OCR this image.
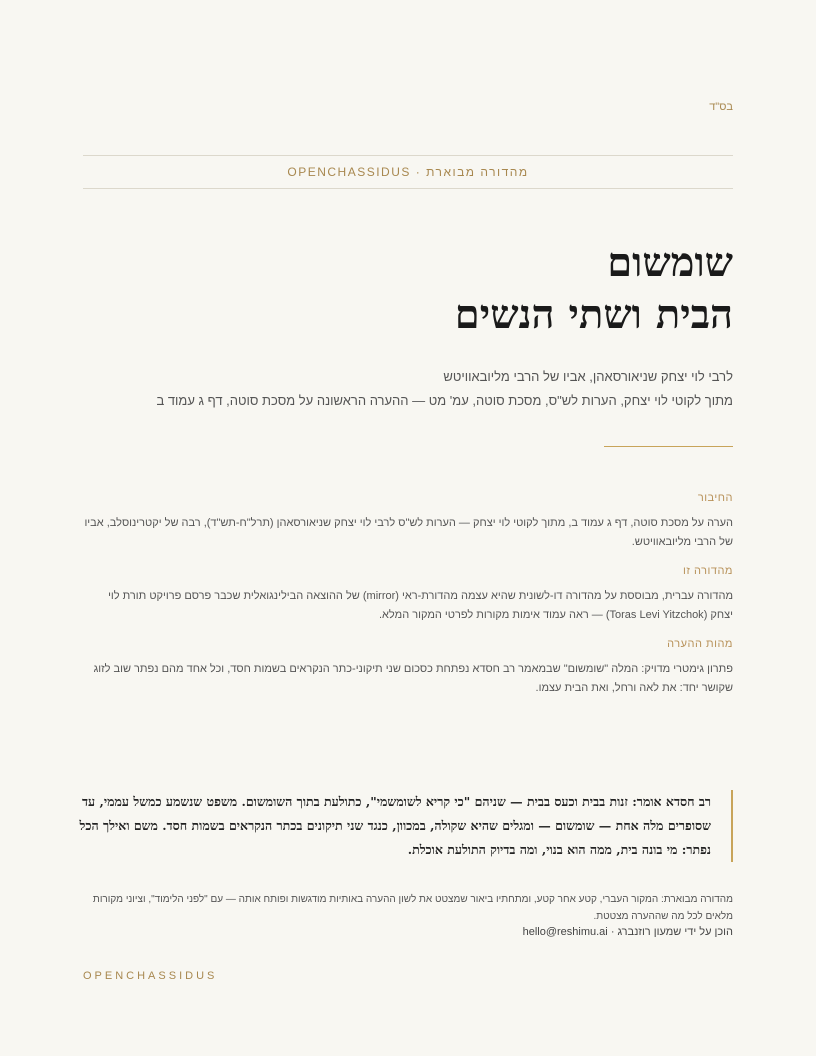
בס"ד
מהדורה מבוארת
·
OPENCHASSIDUS
שומשום
הבית ושתי הנשים
לרבי לוי יצחק שניאורסאהן, אביו של הרבי מליובאוויטש
מתוך לקוטי לוי יצחק, הערות לש"ס, מסכת סוטה, עמ' מט — ההערה הראשונה על מסכת סוטה, דף ג עמוד ב
החיבור
הערה על מסכת סוטה, דף ג עמוד ב, מתוך לקוטי לוי יצחק — הערות לש"ס לרבי לוי יצחק שניאורסאהן (תרל"ח-תש"ד), רבה של יקטרינוסלב, אביו של הרבי מליובאוויטש.
מהדורה זו
מהדורה עברית, מבוססת על מהדורה דו-לשונית שהיא עצמה מהדורת-ראי (mirror) של ההוצאה הבילינגואלית שכבר פרסם פרויקט תורת לוי יצחק (Toras Levi Yitzchok) — ראה עמוד אימות מקורות לפרטי המקור המלא.
מהות ההערה
פתרון גימטרי מדויק: המלה "שומשום" שבמאמר רב חסדא נפתחת כסכום שני תיקוני-כתר הנקראים בשמות חסד, וכל אחד מהם נפתר שוב לזוג שקושר יחד: את לאה ורחל, ואת הבית עצמו.
רב חסדא אומר: זנות בבית וכעס בבית — שניהם "כי קריא לשומשמי", כתולעת בתוך השומשום. משפט שנשמע כמשל עממי, עד שסופרים מלה אחת — שומשום — ומגלים שהיא שקולה, במכוון, כנגד שני תיקונים בכתר הנקראים בשמות חסד. משם ואילך הכל נפתר: מי בונה בית, ממה הוא בנוי, ומה בדיוק התולעת אוכלת.
מהדורה מבוארת: המקור העברי, קטע אחר קטע, ומתחתיו ביאור שמצטט את לשון ההערה באותיות מודגשות ופותח אותה — עם "לפני הלימוד", וציוני מקורות מלאים לכל מה שההערה מצטטת.
הוכן על ידי שמעון רוזנברג · hello@reshimu.ai
OPENCHASSIDUS
